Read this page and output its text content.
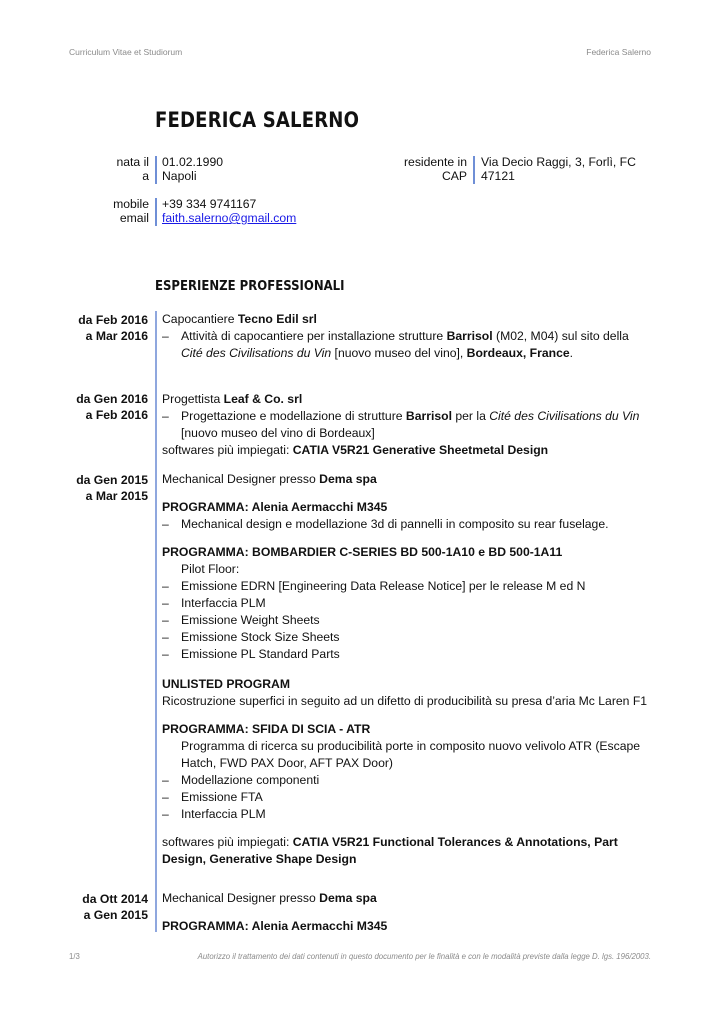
Curriculum Vitae et Studiorum	Federica Salerno
FEDERICA SALERNO
nata il
a
01.02.1990
Napoli
residente in
CAP
Via Decio Raggi, 3, Forlì, FC
47121
mobile
email
+39 334 9741167
faith.salerno@gmail.com
ESPERIENZE PROFESSIONALI
da Feb 2016
a Mar 2016

Capocantiere Tecno Edil srl

– Attività di capocantiere per installazione strutture Barrisol (M02, M04) sul sito della
Cité des Civilisations du Vin [nuovo museo del vino], Bordeaux, France.
da Gen 2016
a Feb 2016

Progettista Leaf & Co. srl

– Progettazione e modellazione di strutture Barrisol per la Cité des Civilisations du Vin
[nuovo museo del vino di Bordeaux]

softwares più impiegati: CATIA V5R21 Generative Sheetmetal Design

da Gen 2015
a Mar 2015

Mechanical Designer presso Dema spa

PROGRAMMA: Alenia Aermacchi M345

– Mechanical design e modellazione 3d di pannelli in composito su rear fuselage.

PROGRAMMA: BOMBARDIER C-SERIES BD 500-1A10 e BD 500-1A11

Pilot Floor:
– Emissione EDRN [Engineering Data Release Notice] per le release M ed N
– Interfaccia PLM
– Emissione Weight Sheets
– Emissione Stock Size Sheets
– Emissione PL Standard Parts

UNLISTED PROGRAM

Ricostruzione superfici in seguito ad un difetto di producibilità su presa d’aria Mc Laren F1

PROGRAMMA: SFIDA DI SCIA - ATR

Programma di ricerca su producibilità porte in composito nuovo velivolo ATR (Escape Hatch, FWD PAX Door, AFT PAX Door)
– Modellazione componenti
– Emissione FTA
– Interfaccia PLM

softwares più impiegati: CATIA V5R21 Functional Tolerances & Annotations, Part Design, Generative Shape Design

da Ott 2014
a Gen 2015

Mechanical Designer presso Dema spa

PROGRAMMA: Alenia Aermacchi M345

1/3	Autorizzo il trattamento dei dati contenuti in questo documento per le finalità e con le modalità previste dalla legge D. lgs. 196/2003.
